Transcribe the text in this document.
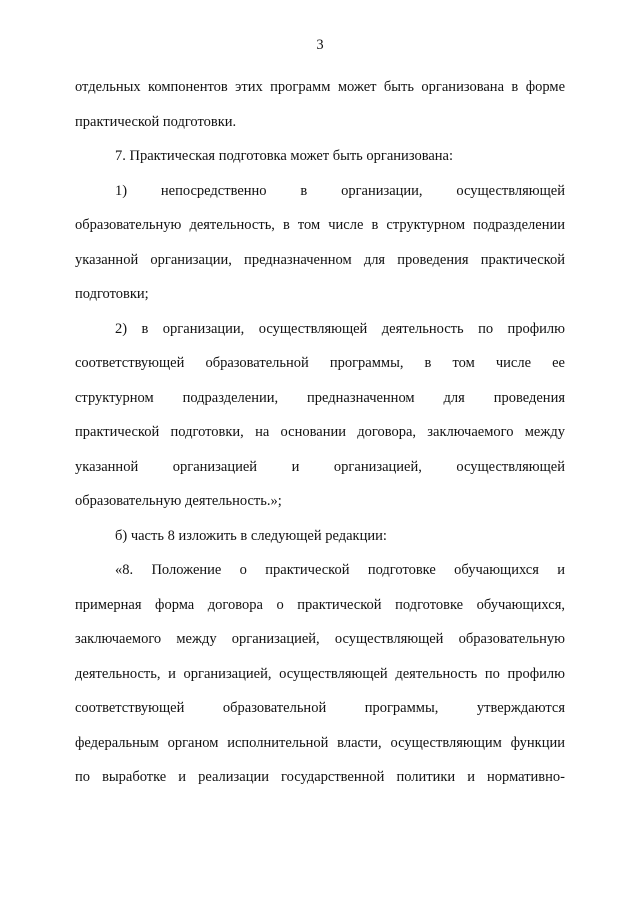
3
отдельных компонентов этих программ может быть организована в форме
практической подготовки.
7. Практическая подготовка может быть организована:
1) непосредственно в организации, осуществляющей
образовательную деятельность, в том числе в структурном подразделении
указанной организации, предназначенном для проведения практической
подготовки;
2) в организации, осуществляющей деятельность по профилю
соответствующей образовательной программы, в том числе ее
структурном подразделении, предназначенном для проведения
практической подготовки, на основании договора, заключаемого между
указанной организацией и организацией, осуществляющей
образовательную деятельность.»;
б) часть 8 изложить в следующей редакции:
«8. Положение о практической подготовке обучающихся и
примерная форма договора о практической подготовке обучающихся,
заключаемого между организацией, осуществляющей образовательную
деятельность, и организацией, осуществляющей деятельность по профилю
соответствующей образовательной программы, утверждаются
федеральным органом исполнительной власти, осуществляющим функции
по выработке и реализации государственной политики и нормативно-
